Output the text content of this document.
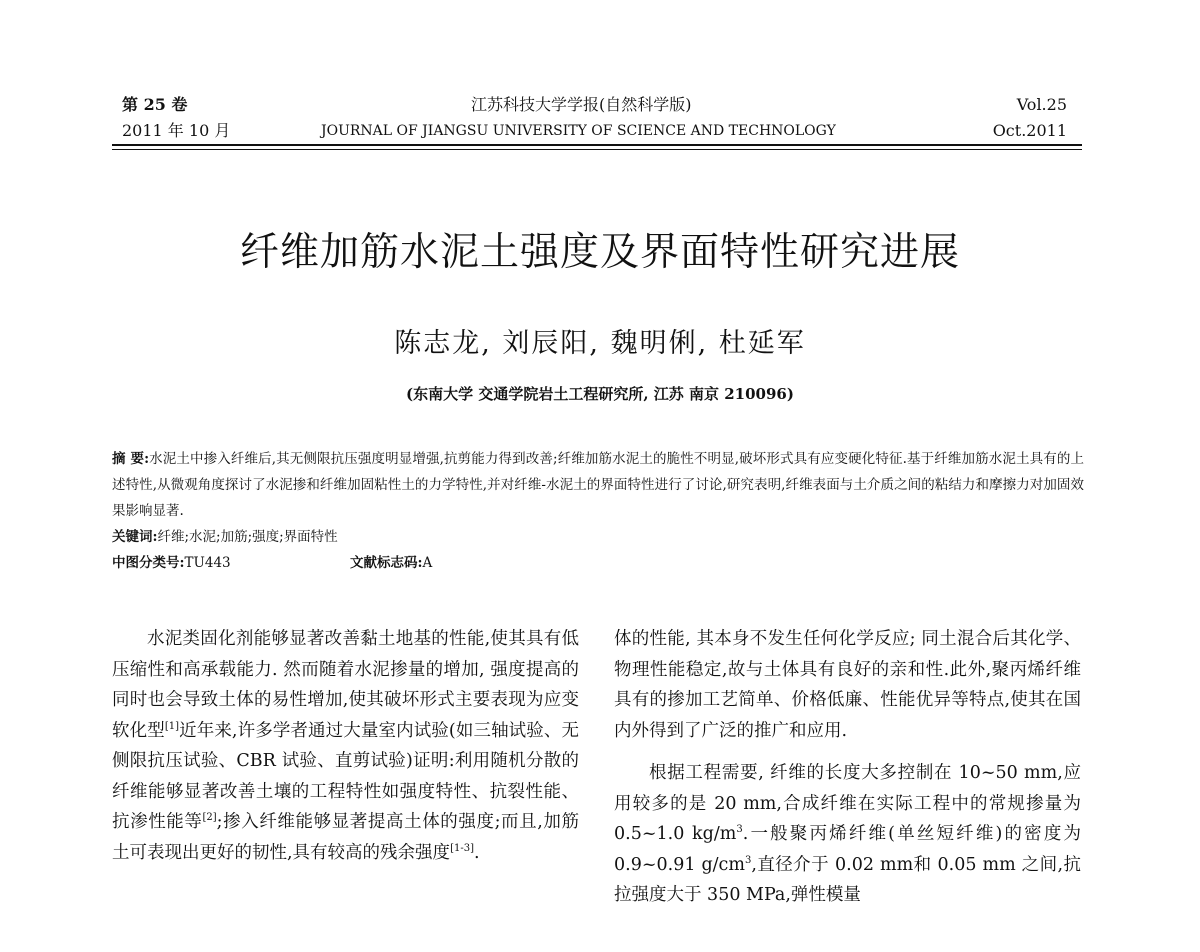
第 25 卷
2011 年 10 月
江苏科技大学学报(自然科学版)
JOURNAL OF JIANGSU UNIVERSITY OF SCIENCE AND TECHNOLOGY
Vol.25
Oct.2011
纤维加筋水泥土强度及界面特性研究进展
陈志龙, 刘辰阳, 魏明俐, 杜延军
(东南大学 交通学院岩土工程研究所, 江苏 南京 210096)

摘 要:水泥土中掺入纤维后,其无侧限抗压强度明显增强,抗剪能力得到改善;纤维加筋水泥土的脆性不明显,破坏形式具有应变硬化特征.基于纤维加筋水泥土具有的上述特性,从微观角度探讨了水泥掺和纤维加固粘性土的力学特性,并对纤维-水泥土的界面特性进行了讨论,研究表明,纤维表面与土介质之间的粘结力和摩擦力对加固效果影响显著.

关键词:纤维;水泥;加筋;强度;界面特性

中图分类号:TU443	文献标志码:A

水泥类固化剂能够显著改善黏土地基的性能,使其具有低压缩性和高承载能力. 然而随着水泥掺量的增加, 强度提高的同时也会导致土体的易性增加,使其破坏形式主要表现为应变软化型[1]近年来,许多学者通过大量室内试验(如三轴试验、无侧限抗压试验、CBR 试验、直剪试验)证明:利用随机分散的纤维能够显著改善土壤的工程特性如强度特性、抗裂性能、抗渗性能等[2];掺入纤维能够显著提高土体的强度;而且,加筋土可表现出更好的韧性,具有较高的残余强度[1-3].

体的性能, 其本身不发生任何化学反应; 同土混合后其化学、物理性能稳定,故与土体具有良好的亲和性.此外,聚丙烯纤维具有的掺加工艺简单、价格低廉、性能优异等特点,使其在国内外得到了广泛的推广和应用.

根据工程需要, 纤维的长度大多控制在 10~50 mm,应用较多的是 20 mm,合成纤维在实际工程中的常规掺量为 0.5~1.0 $kg/m^3$.一般聚丙烯纤维(单丝短纤维)的密度为 0.9~0.91 $g/cm^3$,直径介于 0.02 mm和 0.05 mm 之间,抗拉强度大于 350 MPa,弹性模量
